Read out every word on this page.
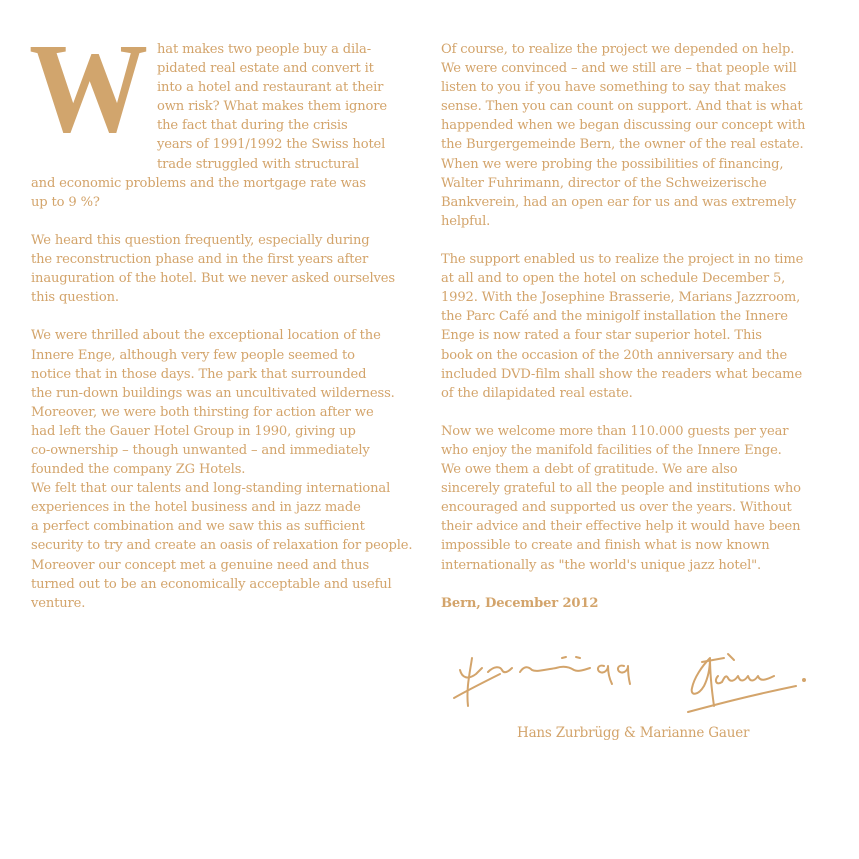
W hat makes two people buy a dila-
pidated real estate and convert it
into a hotel and restaurant at their
own risk? What makes them ignore
the fact that during the crisis
years of 1991/1992 the Swiss hotel
trade struggled with structural
and economic problems and the mortgage rate was
up to 9 %?
We heard this question frequently, especially during
the reconstruction phase and in the first years after
inauguration of the hotel. But we never asked ourselves
this question.
We were thrilled about the exceptional location of the
Innere Enge, although very few people seemed to
notice that in those days. The park that surrounded
the run-down buildings was an uncultivated wilderness.
Moreover, we were both thirsting for action after we
had left the Gauer Hotel Group in 1990, giving up
co-ownership – though unwanted – and immediately
founded the company ZG Hotels.
We felt that our talents and long-standing international
experiences in the hotel business and in jazz made
a perfect combination and we saw this as sufficient
security to try and create an oasis of relaxation for people.
Moreover our concept met a genuine need and thus
turned out to be an economically acceptable and useful
venture.
Of course, to realize the project we depended on help.
We were convinced – and we still are – that people will
listen to you if you have something to say that makes
sense. Then you can count on support. And that is what
happended when we began discussing our concept with
the Burgergemeinde Bern, the owner of the real estate.
When we were probing the possibilities of financing,
Walter Fuhrimann, director of the Schweizerische
Bankverein, had an open ear for us and was extremely
helpful.
The support enabled us to realize the project in no time
at all and to open the hotel on schedule December 5,
1992. With the Josephine Brasserie, Marians Jazzroom,
the Parc Café and the minigolf installation the Innere
Enge is now rated a four star superior hotel. This
book on the occasion of the 20th anniversary and the
included DVD-film shall show the readers what became
of the dilapidated real estate.
Now we welcome more than 110.000 guests per year
who enjoy the manifold facilities of the Innere Enge.
We owe them a debt of gratitude. We are also
sincerely grateful to all the people and institutions who
encouraged and supported us over the years. Without
their advice and their effective help it would have been
impossible to create and finish what is now known
internationally as "the world's unique jazz hotel".
Bern, December 2012
Hans Zurbrügg & Marianne Gauer
